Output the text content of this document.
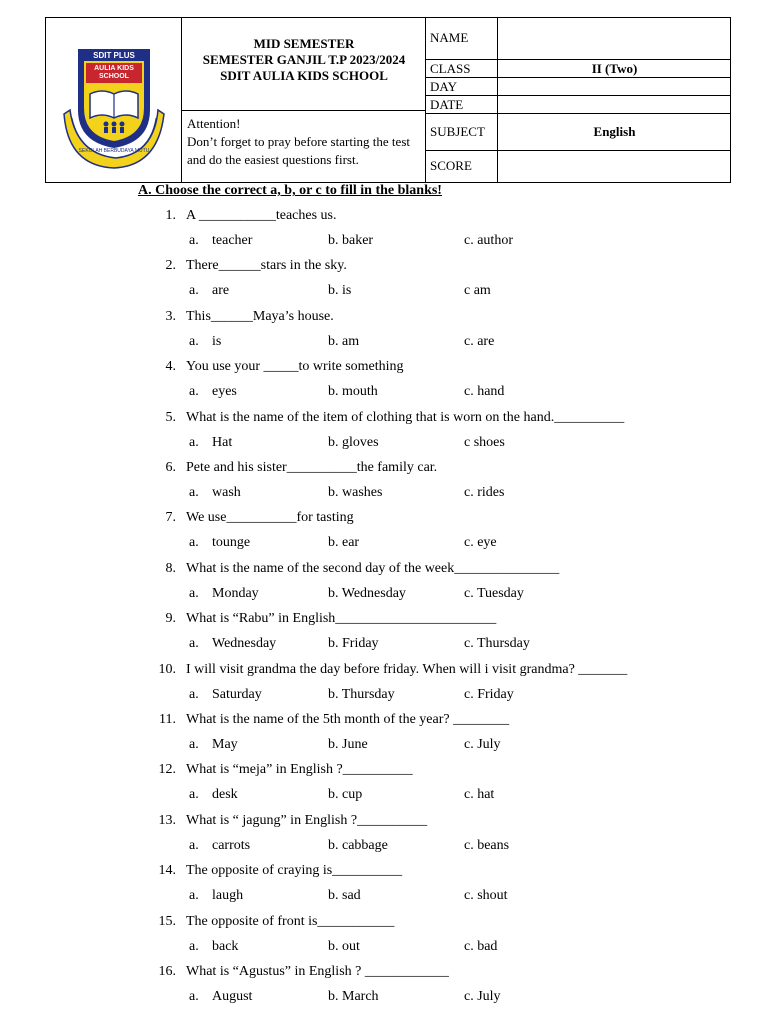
SDIT PLUS
AULIA KIDS SCHOOL
SEKOLAH BERBUDAYA MUTU
MID SEMESTER
SEMESTER GANJIL T.P 2023/2024
SDIT AULIA KIDS SCHOOL
Attention!
Don’t forget to pray before starting the test and do the easiest questions first.
NAME
CLASS	II (Two)
DAY
DATE
SUBJECT	English
SCORE
A. Choose the correct a, b, or c to fill in the blanks!
1. A ___________teaches us.
a. teacher	b. baker	c. author
2. There______stars in the sky.
a. are	b. is	c am
3. This______Maya’s house.
a. is	b. am	c. are
4. You use your _____to write something
a. eyes	b. mouth	c. hand
5. What is the name of the item of clothing that is worn on the hand.__________
a. Hat	b. gloves	c shoes
6. Pete and his sister__________the family car.
a. wash	b. washes	c. rides
7. We use__________for tasting
a. tounge	b. ear	c. eye
8. What is the name of the second day of the week_______________
a. Monday	b. Wednesday	c. Tuesday
9. What is “Rabu” in English_______________________
a. Wednesday	b. Friday	c. Thursday
10. I will visit grandma the day before friday. When will i visit grandma? _______
a. Saturday	b. Thursday	c. Friday
11. What is the name of the 5th month of the year? ________
a. May	b. June	c. July
12. What is “meja” in English ?__________
a. desk	b. cup	c. hat
13. What is “ jagung” in English ?__________
a. carrots	b. cabbage	c. beans
14. The opposite of craying is__________
a. laugh	b. sad	c. shout
15. The opposite of front is___________
a. back	b. out	c. bad
16. What is “Agustus” in English ? ____________
a. August	b. March	c. July
